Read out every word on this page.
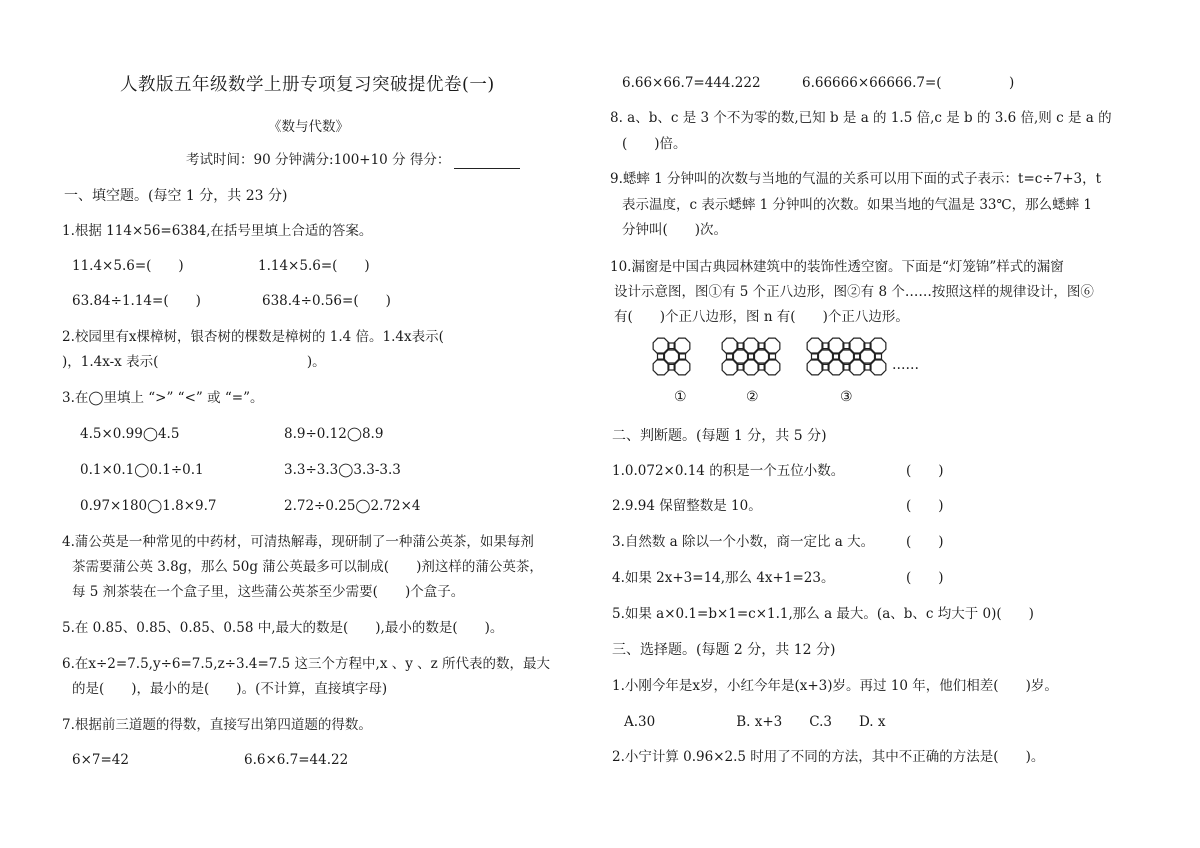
人教版五年级数学上册专项复习突破提优卷(一)
《数与代数》
考试时间：90 分钟满分:100+10 分 得分：
一、填空题。(每空 1 分，共 23 分)
1.根据 114×56=6384,在括号里填上合适的答案。
11.4×5.6=(　　)	1.14×5.6=(　　)
63.84÷1.14=(　　)	638.4÷0.56=(　　)
2.校园里有x棵樟树，银杏树的棵数是樟树的 1.4 倍。1.4x表示(
)，1.4x-x 表示(　　　　　　　　　　　)。
3.在◯里填上 “>” “<” 或 “=”。
4.5×0.99◯4.5	8.9÷0.12◯8.9
0.1×0.1◯0.1÷0.1	3.3÷3.3◯3.3-3.3
0.97×180◯1.8×9.7	2.72÷0.25◯2.72×4
4.蒲公英是一种常见的中药材，可清热解毒，现研制了一种蒲公英茶，如果每剂
茶需要蒲公英 3.8g，那么 50g 蒲公英最多可以制成(　　)剂这样的蒲公英茶，
每 5 剂茶装在一个盒子里，这些蒲公英茶至少需要(　　)个盒子。
5.在 0.85、0.85、0.85、0.58 中,最大的数是(　　),最小的数是(　　)。
6.在x÷2=7.5,y÷6=7.5,z÷3.4=7.5 这三个方程中,x 、y 、z 所代表的数，最大
的是(　　)，最小的是(　　)。(不计算，直接填字母)
7.根据前三道题的得数，直接写出第四道题的得数。
6×7=42	6.6×6.7=44.22
6.66×66.7=444.222	6.66666×66666.7=(　　　　　)
8. a、b、c 是 3 个不为零的数,已知 b 是 a 的 1.5 倍,c 是 b 的 3.6 倍,则 c 是 a 的
(　　)倍。
9.蟋蟀 1 分钟叫的次数与当地的气温的关系可以用下面的式子表示：t=c÷7+3，t
表示温度，c 表示蟋蟀 1 分钟叫的次数。如果当地的气温是 33℃，那么蟋蟀 1
分钟叫(　　)次。
10.漏窗是中国古典园林建筑中的装饰性透空窗。下面是“灯笼锦”样式的漏窗
设计示意图，图①有 5 个正八边形，图②有 8 个……按照这样的规律设计，图⑥
有(　　)个正八边形，图 n 有(　　)个正八边形。
①	②	③
……
二、判断题。(每题 1 分，共 5 分)
1.0.072×0.14 的积是一个五位小数。	(　　)
2.9.94 保留整数是 10。	(　　)
3.自然数 a 除以一个小数，商一定比 a 大。 (　　)
4.如果 2x+3=14,那么 4x+1=23。	(　　)
5.如果 a×0.1=b×1=c×1.1,那么 a 最大。(a、b、c 均大于 0)(　　)
三、选择题。(每题 2 分，共 12 分)
1.小刚今年是x岁，小红今年是(x+3)岁。再过 10 年，他们相差(　　)岁。
A.30　　　　　　B. x+3　　C.3　　D. x
2.小宁计算 0.96×2.5 时用了不同的方法，其中不正确的方法是(　　)。
